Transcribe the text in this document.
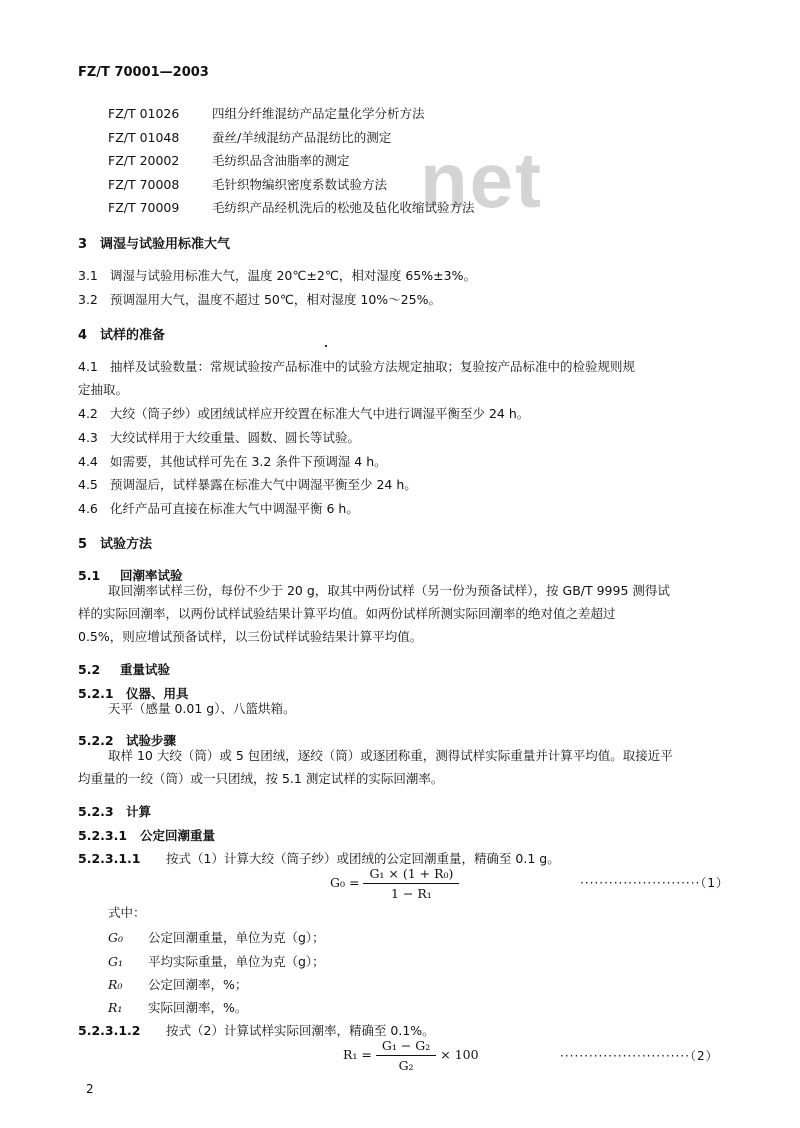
net
FZ/T 70001—2003
FZ/T 01026	四组分纤维混纺产品定量化学分析方法
FZ/T 01048	蚕丝/羊绒混纺产品混纺比的测定
FZ/T 20002	毛纺织品含油脂率的测定
FZ/T 70008	毛针织物编织密度系数试验方法
FZ/T 70009	毛纺织产品经机洗后的松弛及毡化收缩试验方法
3 调湿与试验用标准大气
3.1 调湿与试验用标准大气，温度 20℃±2℃，相对湿度 65%±3%。
3.2 预调湿用大气，温度不超过 50℃，相对湿度 10%～25%。
4 试样的准备
4.1 抽样及试验数量：常规试验按产品标准中的试验方法规定抽取；复验按产品标准中的检验规则规
定抽取。
4.2 大绞（筒子纱）或团绒试样应开绞置在标准大气中进行调湿平衡至少 24 h。
4.3 大绞试样用于大绞重量、圆数、圆长等试验。
4.4 如需要，其他试样可先在 3.2 条件下预调湿 4 h。
4.5 预调湿后，试样暴露在标准大气中调湿平衡至少 24 h。
4.6 化纤产品可直接在标准大气中调湿平衡 6 h。
5 试验方法
5.1 回潮率试验
取回潮率试样三份，每份不少于 20 g，取其中两份试样（另一份为预备试样），按 GB/T 9995 测得试
样的实际回潮率，以两份试样试验结果计算平均值。如两份试样所测实际回潮率的绝对值之差超过
0.5%，则应增试预备试样，以三份试样试验结果计算平均值。
5.2 重量试验
5.2.1 仪器、用具
天平（感量 0.01 g）、八篮烘箱。
5.2.2 试验步骤
取样 10 大绞（筒）或 5 包团绒，逐绞（筒）或逐团称重，测得试样实际重量并计算平均值。取接近平
均重量的一绞（筒）或一只团绒，按 5.1 测定试样的实际回潮率。
5.2.3 计算
5.2.3.1 公定回潮重量
5.2.3.1.1 按式（1）计算大绞（筒子纱）或团绒的公定回潮重量，精确至 0.1 g。
$G_0 = \frac{\text{G₁ × (1 + R₀)}}{\text{1 − R₁}}$	·························（1）
式中：
G₀ 公定回潮重量，单位为克（g）；
G₁ 平均实际重量，单位为克（g）；
R₀ 公定回潮率，%；
R₁ 实际回潮率，%。
5.2.3.1.2 按式（2）计算试样实际回潮率，精确至 0.1%。
$R_1 = \frac{\text{G₁ − G₂}}{\text{G₂}} \times 100$	···························（2）
2
